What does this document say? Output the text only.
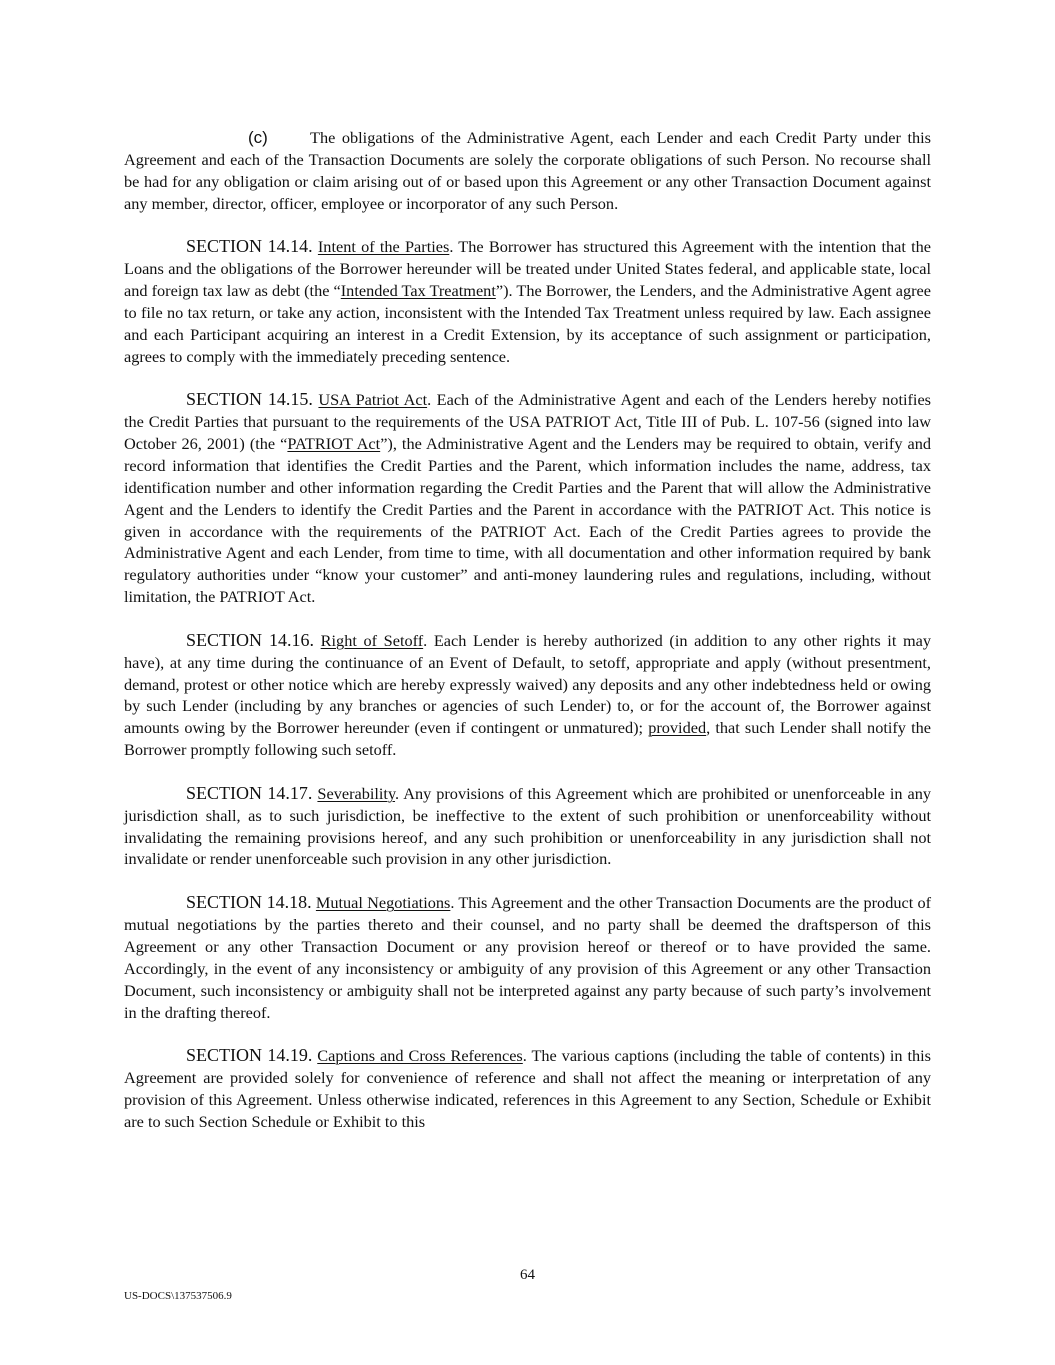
(c)	The obligations of the Administrative Agent, each Lender and each Credit Party under this Agreement and each of the Transaction Documents are solely the corporate obligations of such Person. No recourse shall be had for any obligation or claim arising out of or based upon this Agreement or any other Transaction Document against any member, director, officer, employee or incorporator of any such Person.

SECTION 14.14. Intent of the Parties. The Borrower has structured this Agreement with the intention that the Loans and the obligations of the Borrower hereunder will be treated under United States federal, and applicable state, local and foreign tax law as debt (the “Intended Tax Treatment”). The Borrower, the Lenders, and the Administrative Agent agree to file no tax return, or take any action, inconsistent with the Intended Tax Treatment unless required by law. Each assignee and each Participant acquiring an interest in a Credit Extension, by its acceptance of such assignment or participation, agrees to comply with the immediately preceding sentence.

SECTION 14.15. USA Patriot Act. Each of the Administrative Agent and each of the Lenders hereby notifies the Credit Parties that pursuant to the requirements of the USA PATRIOT Act, Title III of Pub. L. 107-56 (signed into law October 26, 2001) (the “PATRIOT Act”), the Administrative Agent and the Lenders may be required to obtain, verify and record information that identifies the Credit Parties and the Parent, which information includes the name, address, tax identification number and other information regarding the Credit Parties and the Parent that will allow the Administrative Agent and the Lenders to identify the Credit Parties and the Parent in accordance with the PATRIOT Act. This notice is given in accordance with the requirements of the PATRIOT Act. Each of the Credit Parties agrees to provide the Administrative Agent and each Lender, from time to time, with all documentation and other information required by bank regulatory authorities under “know your customer” and anti-money laundering rules and regulations, including, without limitation, the PATRIOT Act.

SECTION 14.16. Right of Setoff. Each Lender is hereby authorized (in addition to any other rights it may have), at any time during the continuance of an Event of Default, to setoff, appropriate and apply (without presentment, demand, protest or other notice which are hereby expressly waived) any deposits and any other indebtedness held or owing by such Lender (including by any branches or agencies of such Lender) to, or for the account of, the Borrower against amounts owing by the Borrower hereunder (even if contingent or unmatured); provided, that such Lender shall notify the Borrower promptly following such setoff.

SECTION 14.17. Severability. Any provisions of this Agreement which are prohibited or unenforceable in any jurisdiction shall, as to such jurisdiction, be ineffective to the extent of such prohibition or unenforceability without invalidating the remaining provisions hereof, and any such prohibition or unenforceability in any jurisdiction shall not invalidate or render unenforceable such provision in any other jurisdiction.

SECTION 14.18. Mutual Negotiations. This Agreement and the other Transaction Documents are the product of mutual negotiations by the parties thereto and their counsel, and no party shall be deemed the draftsperson of this Agreement or any other Transaction Document or any provision hereof or thereof or to have provided the same. Accordingly, in the event of any inconsistency or ambiguity of any provision of this Agreement or any other Transaction Document, such inconsistency or ambiguity shall not be interpreted against any party because of such party’s involvement in the drafting thereof.

SECTION 14.19. Captions and Cross References. The various captions (including the table of contents) in this Agreement are provided solely for convenience of reference and shall not affect the meaning or interpretation of any provision of this Agreement. Unless otherwise indicated, references in this Agreement to any Section, Schedule or Exhibit are to such Section Schedule or Exhibit to this

64
US-DOCS\137537506.9
